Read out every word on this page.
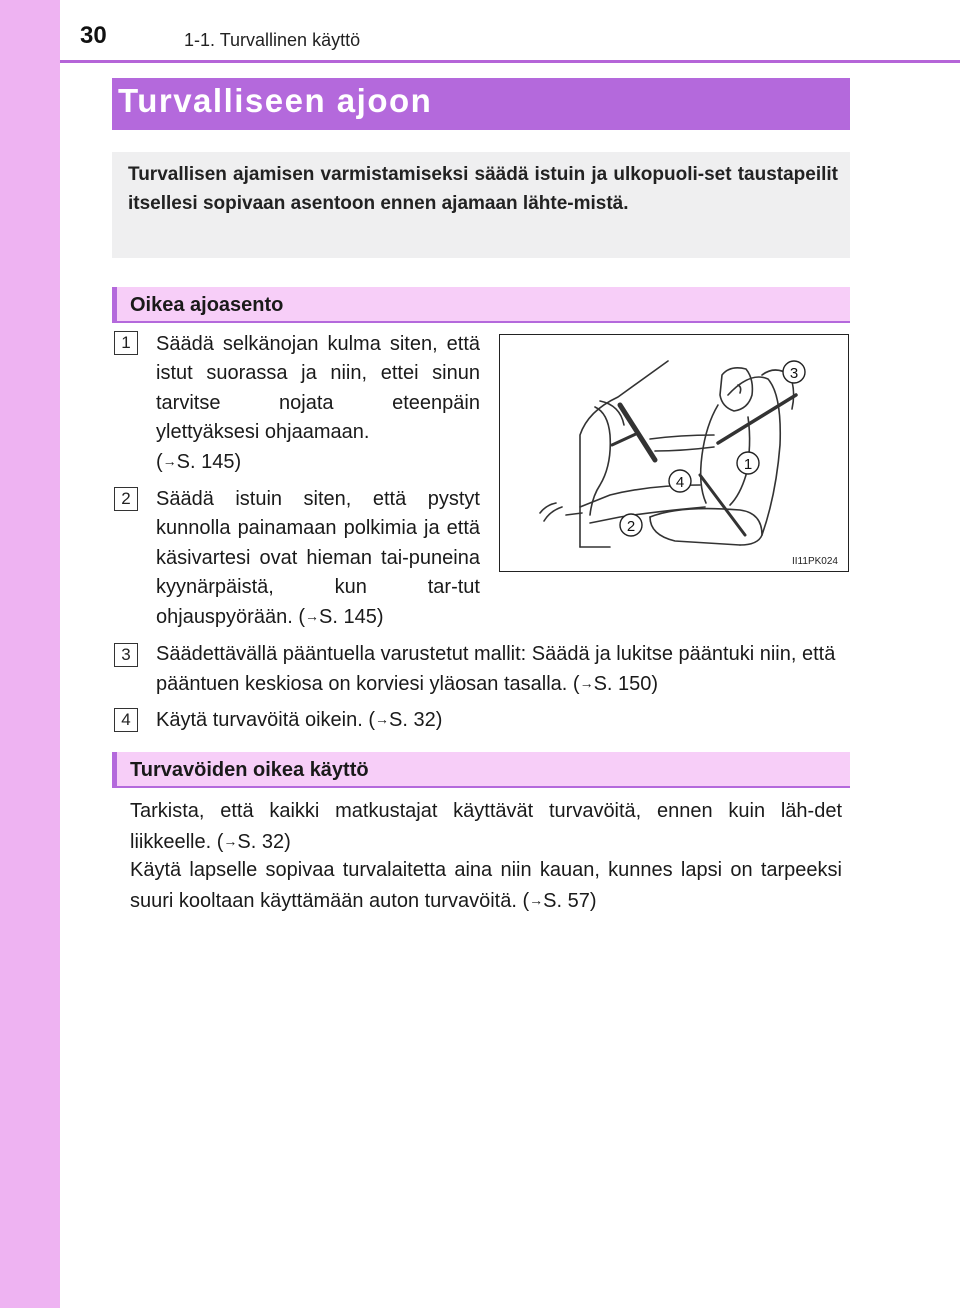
30	1-1. Turvallinen käyttö
Turvalliseen ajoon
Turvallisen ajamisen varmistamiseksi säädä istuin ja ulkopuoli-set taustapeilit itsellesi sopivaan asentoon ennen ajamaan lähte-mistä.
Oikea ajoasento
1	Säädä selkänojan kulma siten, että istut suorassa ja niin, ettei sinun tarvitse nojata eteenpäin ylettyäksesi ohjaamaan.
(→S. 145)
2	Säädä istuin siten, että pystyt kunnolla painamaan polkimia ja että käsivartesi ovat hieman tai-puneina kyynärpäistä, kun tar-tut ohjauspyörään. (→S. 145)
3
1
4
2
II11PK024
3	Säädettävällä pääntuella varustetut mallit: Säädä ja lukitse pääntuki niin, että pääntuen keskiosa on korviesi yläosan tasalla. (→S. 150)
4	Käytä turvavöitä oikein. (→S. 32)
Turvavöiden oikea käyttö
Tarkista, että kaikki matkustajat käyttävät turvavöitä, ennen kuin läh-det liikkeelle. (→S. 32)
Käytä lapselle sopivaa turvalaitetta aina niin kauan, kunnes lapsi on tarpeeksi suuri kooltaan käyttämään auton turvavöitä. (→S. 57)
